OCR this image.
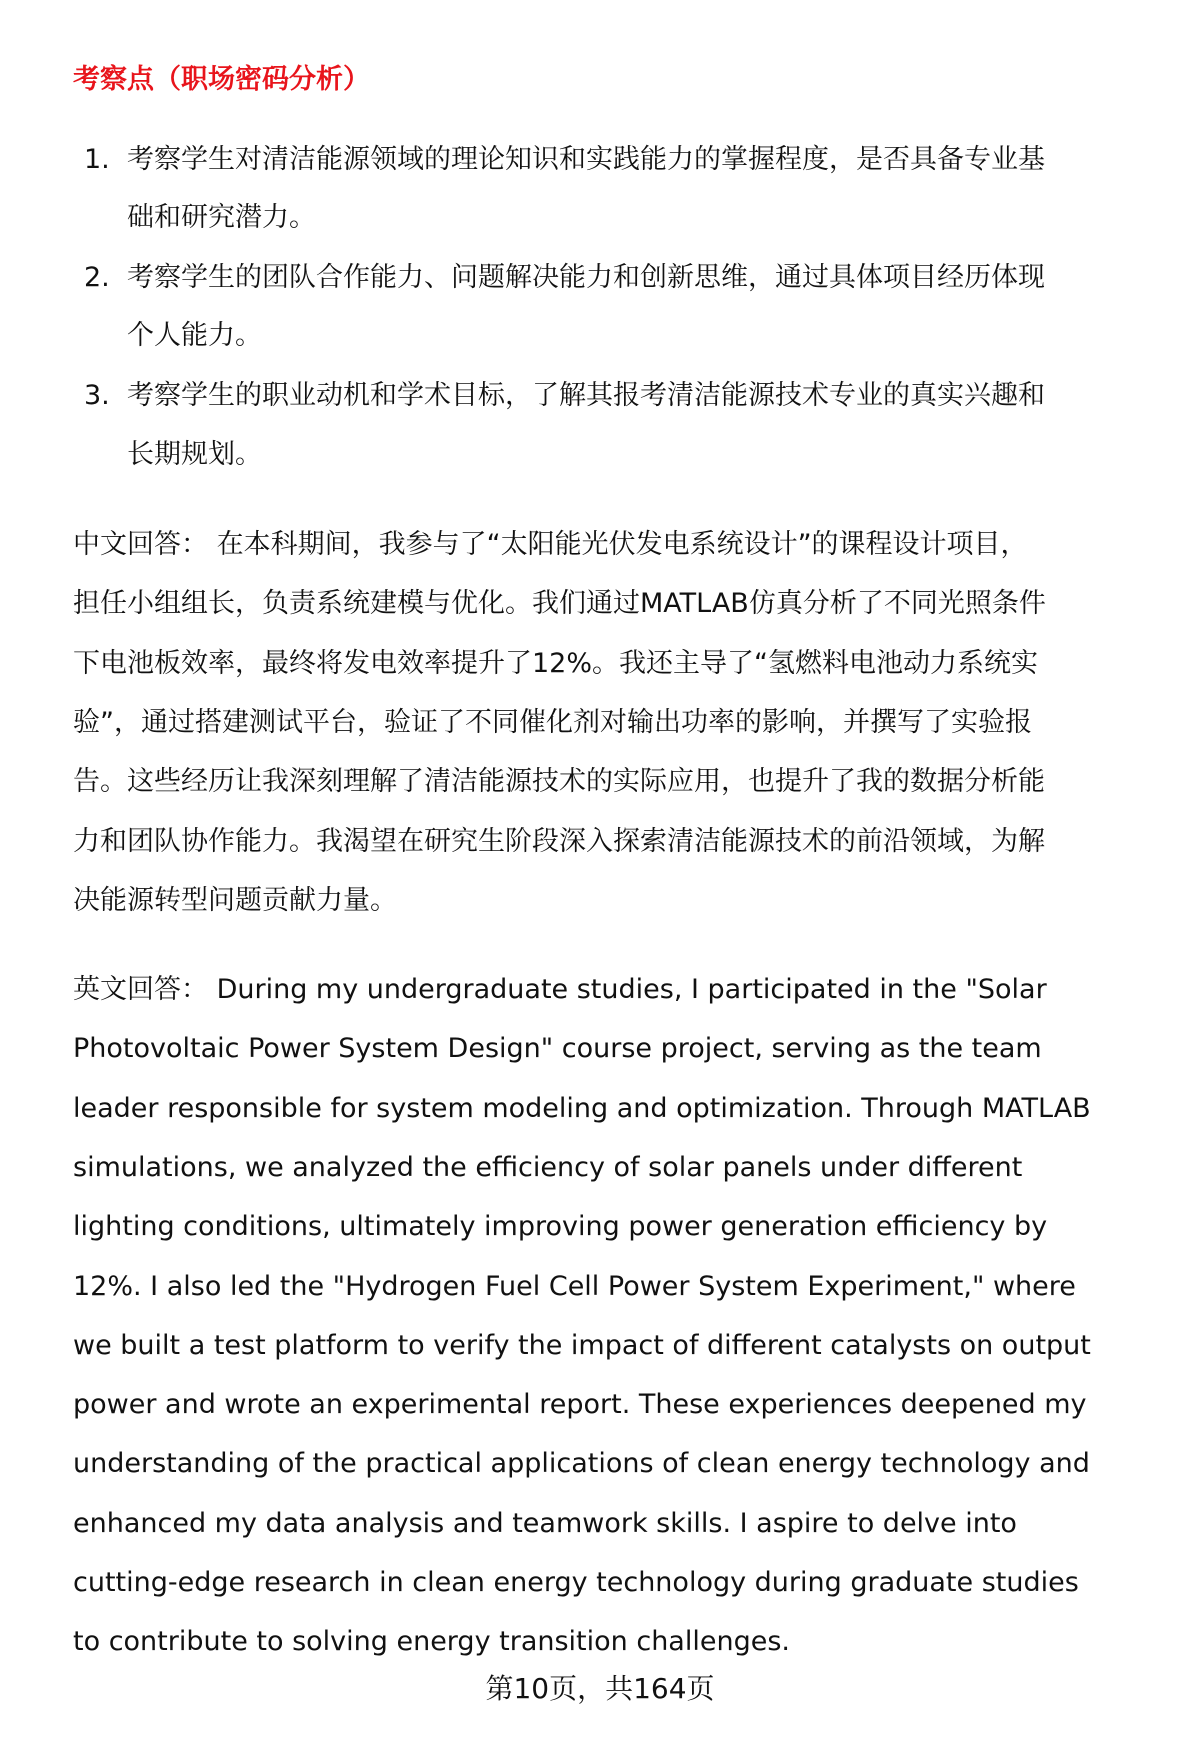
考察点（职场密码分析）
1. 考察学生对清洁能源领域的理论知识和实践能力的掌握程度，是否具备专业基
础和研究潜力。
2. 考察学生的团队合作能力、问题解决能力和创新思维，通过具体项目经历体现
个人能力。
3. 考察学生的职业动机和学术目标，了解其报考清洁能源技术专业的真实兴趣和
长期规划。
中文回答： 在本科期间，我参与了“太阳能光伏发电系统设计”的课程设计项目，
担任小组组长，负责系统建模与优化。我们通过MATLAB仿真分析了不同光照条件
下电池板效率，最终将发电效率提升了12%。我还主导了“氢燃料电池动力系统实
验”，通过搭建测试平台，验证了不同催化剂对输出功率的影响，并撰写了实验报
告。这些经历让我深刻理解了清洁能源技术的实际应用，也提升了我的数据分析能
力和团队协作能力。我渴望在研究生阶段深入探索清洁能源技术的前沿领域，为解
决能源转型问题贡献力量。
英文回答： During my undergraduate studies, I participated in the "Solar
Photovoltaic Power System Design" course project, serving as the team
leader responsible for system modeling and optimization. Through MATLAB
simulations, we analyzed the efficiency of solar panels under different
lighting conditions, ultimately improving power generation efficiency by
12%. I also led the "Hydrogen Fuel Cell Power System Experiment," where
we built a test platform to verify the impact of different catalysts on output
power and wrote an experimental report. These experiences deepened my
understanding of the practical applications of clean energy technology and
enhanced my data analysis and teamwork skills. I aspire to delve into
cutting-edge research in clean energy technology during graduate studies
to contribute to solving energy transition challenges.
第10页，共164页
